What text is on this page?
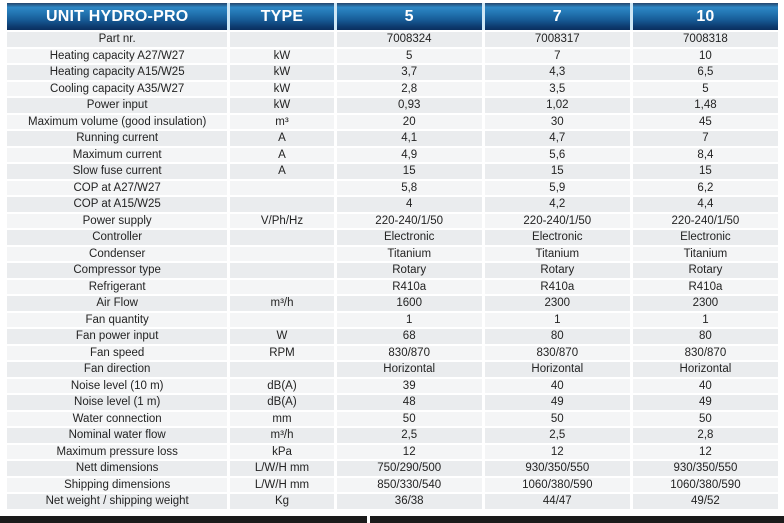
UNIT HYDRO-PRO	TYPE	5	7	10
Part nr.		7008324	7008317	7008318
Heating capacity A27/W27	kW	5	7	10
Heating capacity A15/W25	kW	3,7	4,3	6,5
Cooling capacity A35/W27	kW	2,8	3,5	5
Power input	kW	0,93	1,02	1,48
Maximum volume (good insulation)	m³	20	30	45
Running current	A	4,1	4,7	7
Maximum current	A	4,9	5,6	8,4
Slow fuse current	A	15	15	15
COP at A27/W27		5,8	5,9	6,2
COP at A15/W25		4	4,2	4,4
Power supply	V/Ph/Hz	220-240/1/50	220-240/1/50	220-240/1/50
Controller		Electronic	Electronic	Electronic
Condenser		Titanium	Titanium	Titanium
Compressor type		Rotary	Rotary	Rotary
Refrigerant		R410a	R410a	R410a
Air Flow	m³/h	1600	2300	2300
Fan quantity		1	1	1
Fan power input	W	68	80	80
Fan speed	RPM	830/870	830/870	830/870
Fan direction		Horizontal	Horizontal	Horizontal
Noise level (10 m)	dB(A)	39	40	40
Noise level (1 m)	dB(A)	48	49	49
Water connection	mm	50	50	50
Nominal water flow	m³/h	2,5	2,5	2,8
Maximum pressure loss	kPa	12	12	12
Nett dimensions	L/W/H mm	750/290/500	930/350/550	930/350/550
Shipping dimensions	L/W/H mm	850/330/540	1060/380/590	1060/380/590
Net weight / shipping weight	Kg	36/38	44/47	49/52
